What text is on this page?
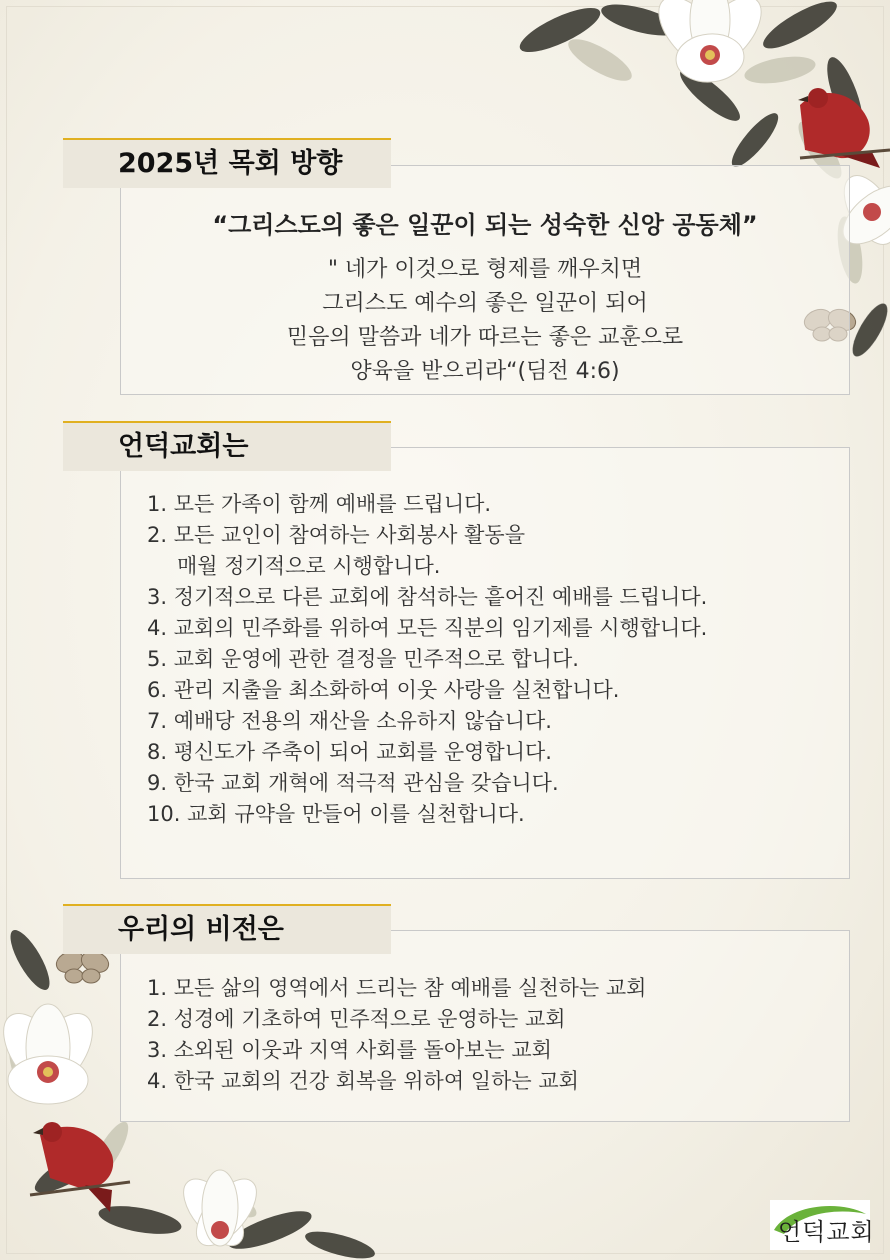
2025년 목회 방향
“그리스도의 좋은 일꾼이 되는 성숙한 신앙 공동체”
" 네가 이것으로 형제를 깨우치면
그리스도 예수의 좋은 일꾼이 되어
믿음의 말씀과 네가 따르는 좋은 교훈으로
양육을 받으리라“(딤전 4:6)
언덕교회는
1. 모든 가족이 함께 예배를 드립니다.
2. 모든 교인이 참여하는 사회봉사 활동을
매월 정기적으로 시행합니다.
3. 정기적으로 다른 교회에 참석하는 흩어진 예배를 드립니다.
4. 교회의 민주화를 위하여 모든 직분의 임기제를 시행합니다.
5. 교회 운영에 관한 결정을 민주적으로 합니다.
6. 관리 지출을 최소화하여 이웃 사랑을 실천합니다.
7. 예배당 전용의 재산을 소유하지 않습니다.
8. 평신도가 주축이 되어 교회를 운영합니다.
9. 한국 교회 개혁에 적극적 관심을 갖습니다.
10. 교회 규약을 만들어 이를 실천합니다.
우리의 비전은
1. 모든 삶의 영역에서 드리는 참 예배를 실천하는 교회
2. 성경에 기초하여 민주적으로 운영하는 교회
3. 소외된 이웃과 지역 사회를 돌아보는 교회
4. 한국 교회의 건강 회복을 위하여 일하는 교회
언덕교회
